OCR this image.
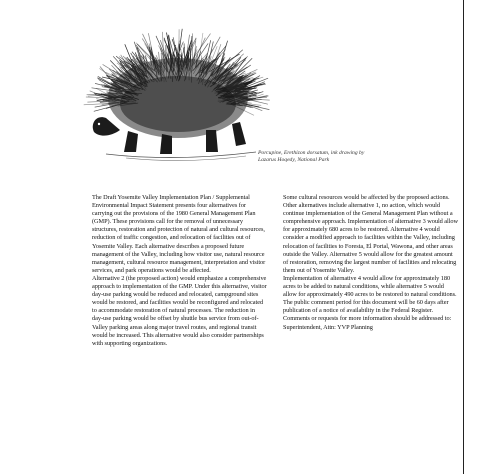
Porcupine, Erethizon dorsatum, ink drawing by
Lazarus Hoqedy, National Park

The Draft Yosemite Valley Implementation Plan / Supplemental Environmental Impact Statement presents four alternatives for carrying out the provisions of the 1980 General Management Plan (GMP). These provisions call for the removal of unnecessary structures, restoration and protection of natural and cultural resources, reduction of traffic congestion, and relocation of facilities out of Yosemite Valley. Each alternative describes a proposed future management of the Valley, including how visitor use, natural resource management, cultural resource management, interpretation and visitor services, and park operations would be affected.

Alternative 2 (the proposed action) would emphasize a comprehensive approach to implementation of the GMP. Under this alternative, visitor day-use parking would be reduced and relocated, campground sites would be restored, and facilities would be reconfigured and relocated to accommodate restoration of natural processes. The reduction in day-use parking would be offset by shuttle bus service from out-of-Valley parking areas along major travel routes, and regional transit would be increased. This alternative would also consider partnerships with supporting organizations.

Some cultural resources would be affected by the proposed actions.

Other alternatives include alternative 1, no action, which would continue implementation of the General Management Plan without a comprehensive approach. Implementation of alternative 3 would allow for approximately 680 acres to be restored. Alternative 4 would consider a modified approach to facilities within the Valley, including relocation of facilities to Foresta, El Portal, Wawona, and other areas outside the Valley. Alternative 5 would allow for the greatest amount of restoration, removing the largest number of facilities and relocating them out of Yosemite Valley.

Implementation of alternative 4 would allow for approximately 180 acres to be added to natural conditions, while alternative 5 would allow for approximately 490 acres to be restored to natural conditions.

The public comment period for this document will be 60 days after publication of a notice of availability in the Federal Register. Comments or requests for more information should be addressed to: Superintendent, Attn: YVP Planning
